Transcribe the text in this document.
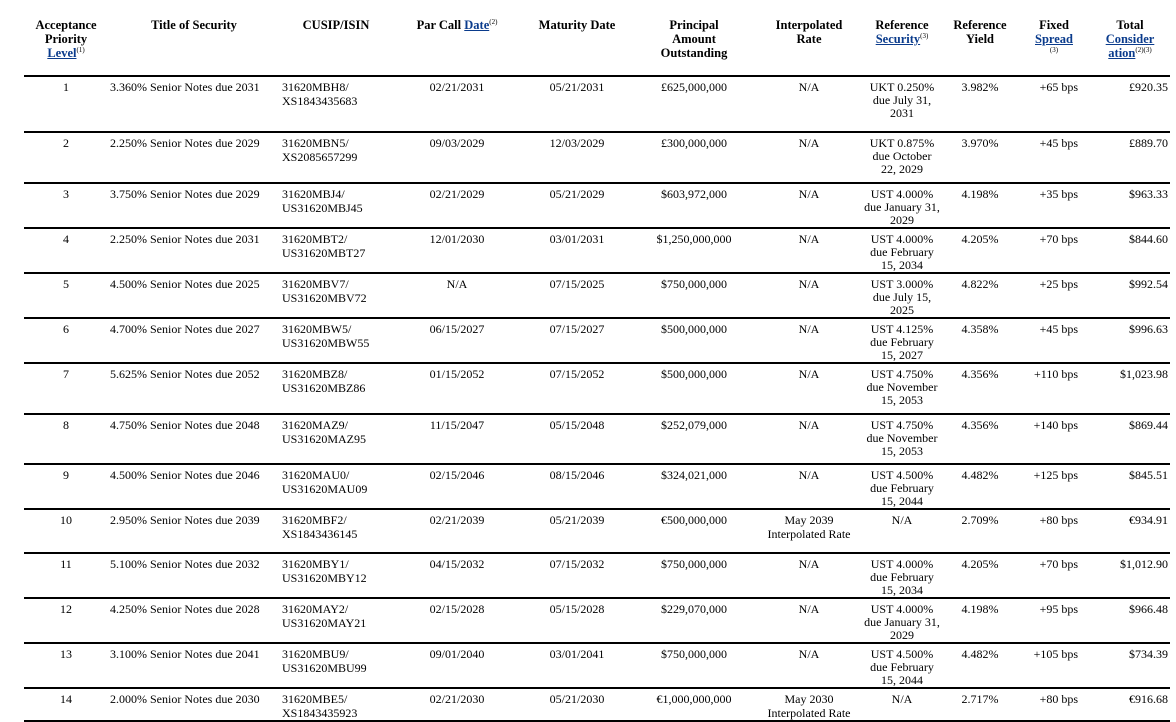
Acceptance
Priority
Level$^{(1)}$	Title of Security	CUSIP/ISIN	Par Call Date$^{(2)}$	Maturity Date	Principal
Amount
Outstanding	Interpolated
Rate	Reference
Security$^{(3)}$	Reference
Yield	Fixed
Spread
$^{(3)}$	Total
Consider
ation$^{(2)(3)}$
1	3.360% Senior Notes due 2031	31620MBH8/
XS1843435683	02/21/2031	05/21/2031	£625,000,000	N/A	UKT 0.250% due July 31, 2031	3.982%	+65 bps	£920.35
2	2.250% Senior Notes due 2029	31620MBN5/
XS2085657299	09/03/2029	12/03/2029	£300,000,000	N/A	UKT 0.875% due October 22, 2029	3.970%	+45 bps	£889.70
3	3.750% Senior Notes due 2029	31620MBJ4/
US31620MBJ45	02/21/2029	05/21/2029	$603,972,000	N/A	UST 4.000% due January 31, 2029	4.198%	+35 bps	$963.33
4	2.250% Senior Notes due 2031	31620MBT2/
US31620MBT27	12/01/2030	03/01/2031	$1,250,000,000	N/A	UST 4.000% due February 15, 2034	4.205%	+70 bps	$844.60
5	4.500% Senior Notes due 2025	31620MBV7/
US31620MBV72	N/A	07/15/2025	$750,000,000	N/A	UST 3.000% due July 15, 2025	4.822%	+25 bps	$992.54
6	4.700% Senior Notes due 2027	31620MBW5/
US31620MBW55	06/15/2027	07/15/2027	$500,000,000	N/A	UST 4.125% due February 15, 2027	4.358%	+45 bps	$996.63
7	5.625% Senior Notes due 2052	31620MBZ8/
US31620MBZ86	01/15/2052	07/15/2052	$500,000,000	N/A	UST 4.750% due November 15, 2053	4.356%	+110 bps	$1,023.98
8	4.750% Senior Notes due 2048	31620MAZ9/
US31620MAZ95	11/15/2047	05/15/2048	$252,079,000	N/A	UST 4.750% due November 15, 2053	4.356%	+140 bps	$869.44
9	4.500% Senior Notes due 2046	31620MAU0/
US31620MAU09	02/15/2046	08/15/2046	$324,021,000	N/A	UST 4.500% due February 15, 2044	4.482%	+125 bps	$845.51
10	2.950% Senior Notes due 2039	31620MBF2/
XS1843436145	02/21/2039	05/21/2039	€500,000,000	May 2039 Interpolated Rate	N/A	2.709%	+80 bps	€934.91
11	5.100% Senior Notes due 2032	31620MBY1/
US31620MBY12	04/15/2032	07/15/2032	$750,000,000	N/A	UST 4.000% due February 15, 2034	4.205%	+70 bps	$1,012.90
12	4.250% Senior Notes due 2028	31620MAY2/
US31620MAY21	02/15/2028	05/15/2028	$229,070,000	N/A	UST 4.000% due January 31, 2029	4.198%	+95 bps	$966.48
13	3.100% Senior Notes due 2041	31620MBU9/
US31620MBU99	09/01/2040	03/01/2041	$750,000,000	N/A	UST 4.500% due February 15, 2044	4.482%	+105 bps	$734.39
14	2.000% Senior Notes due 2030	31620MBE5/
XS1843435923	02/21/2030	05/21/2030	€1,000,000,000	May 2030 Interpolated Rate	N/A	2.717%	+80 bps	€916.68
